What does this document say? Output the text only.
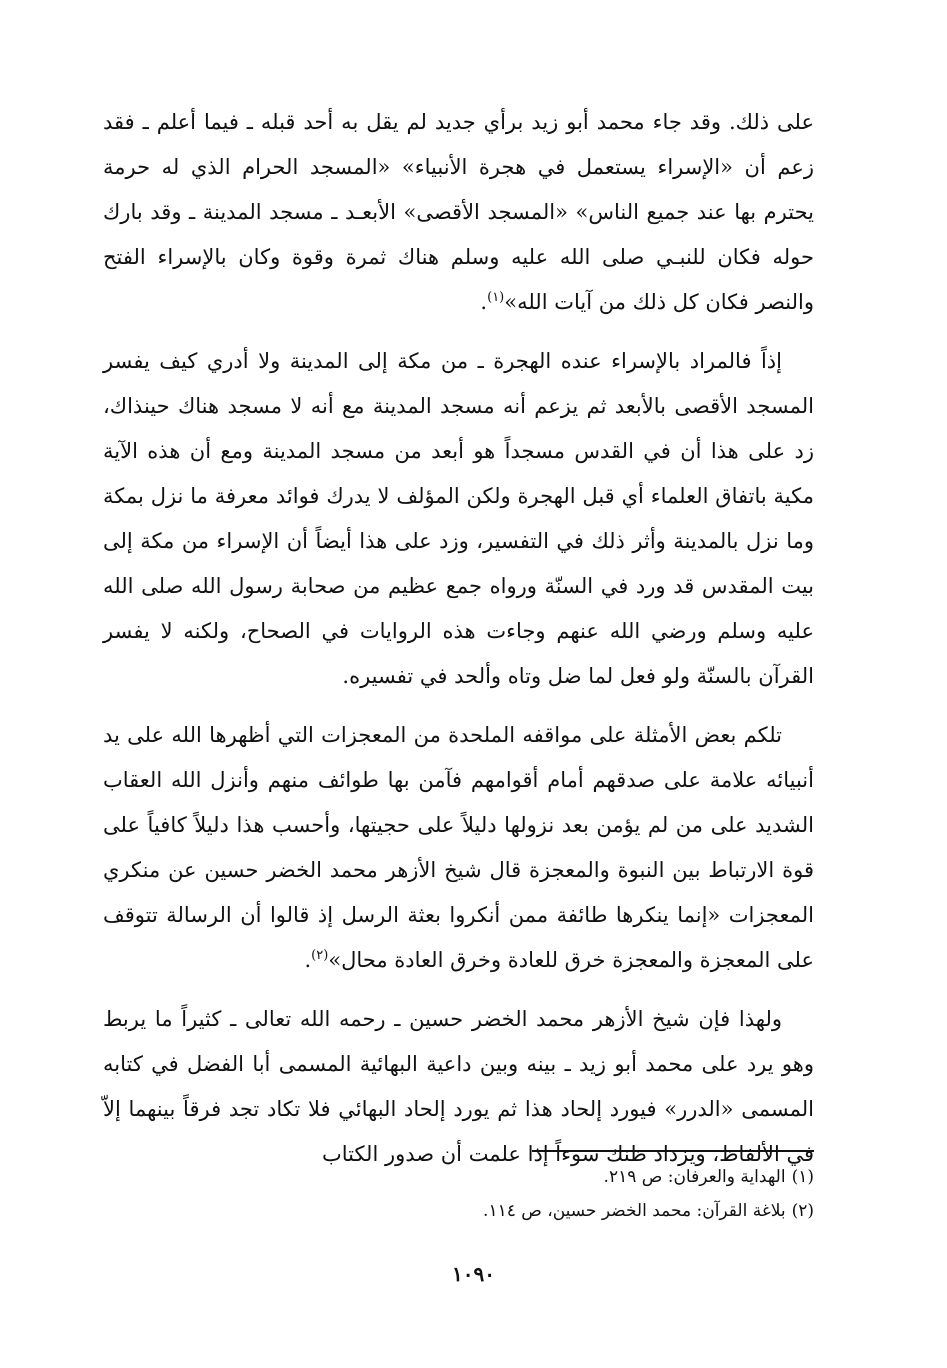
على ذلك. وقد جاء محمد أبو زيد برأي جديد لم يقل به أحد قبله ـ فيما أعلم ـ فقد زعم أن «الإسراء يستعمل في هجرة الأنبياء» «المسجد الحرام الذي له حرمة يحترم بها عند جميع الناس» «المسجد الأقصى» الأبعـد ـ مسجد المدينة ـ وقد بارك حوله فكان للنبـي صلى الله عليه وسلم هناك ثمرة وقوة وكان بالإسراء الفتح والنصر فكان كل ذلك من آيات الله»$^{(١)}$.

إذاً فالمراد بالإسراء عنده الهجرة ـ من مكة إلى المدينة ولا أدري كيف يفسر المسجد الأقصى بالأبعد ثم يزعم أنه مسجد المدينة مع أنه لا مسجد هناك حينذاك، زد على هذا أن في القدس مسجداً هو أبعد من مسجد المدينة ومع أن هذه الآية مكية باتفاق العلماء أي قبل الهجرة ولكن المؤلف لا يدرك فوائد معرفة ما نزل بمكة وما نزل بالمدينة وأثر ذلك في التفسير، وزد على هذا أيضاً أن الإسراء من مكة إلى بيت المقدس قد ورد في السنّة ورواه جمع عظيم من صحابة رسول الله صلى الله عليه وسلم ورضي الله عنهم وجاءت هذه الروايات في الصحاح، ولكنه لا يفسر القرآن بالسنّة ولو فعل لما ضل وتاه وألحد في تفسيره.

تلكم بعض الأمثلة على مواقفه الملحدة من المعجزات التي أظهرها الله على يد أنبيائه علامة على صدقهم أمام أقوامهم فآمن بها طوائف منهم وأنزل الله العقاب الشديد على من لم يؤمن بعد نزولها دليلاً على حجيتها، وأحسب هذا دليلاً كافياً على قوة الارتباط بين النبوة والمعجزة قال شيخ الأزهر محمد الخضر حسين عن منكري المعجزات «إنما ينكرها طائفة ممن أنكروا بعثة الرسل إذ قالوا أن الرسالة تتوقف على المعجزة والمعجزة خرق للعادة وخرق العادة محال»$^{(٢)}$.

ولهذا فإن شيخ الأزهر محمد الخضر حسين ـ رحمه الله تعالى ـ كثيراً ما يربط وهو يرد على محمد أبو زيد ـ بينه وبين داعية البهائية المسمى أبا الفضل في كتابه المسمى «الدرر» فيورد إلحاد هذا ثم يورد إلحاد البهائي فلا تكاد تجد فرقاً بينهما إلاّ في الألفاظ، ويزداد ظنك سوءاً إذا علمت أن صدور الكتاب

(١)الهداية والعرفان: ص ٢١٩.

(٢)بلاغة القرآن: محمد الخضر حسين، ص ١١٤.

١٠٩٠
